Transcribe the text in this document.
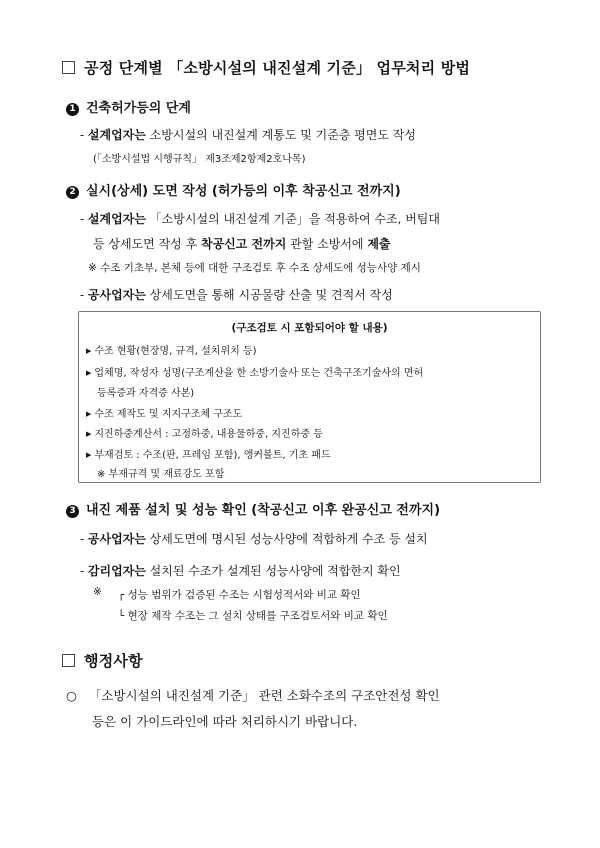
공정 단계별 「소방시설의 내진설계 기준」 업무처리 방법
1 건축허가등의 단계
- 설계업자는 소방시설의 내진설계 계통도 및 기준층 평면도 작성
(「소방시설법 시행규칙」 제3조제2항제2호나목)
2 실시(상세) 도면 작성 (허가등의 이후 착공신고 전까지)
- 설계업자는 「소방시설의 내진설계 기준」을 적용하여 수조, 버팀대
등 상세도면 작성 후 착공신고 전까지 관할 소방서에 제출
※ 수조 기초부, 본체 등에 대한 구조검토 후 수조 상세도에 성능사양 제시
- 공사업자는 상세도면을 통해 시공물량 산출 및 견적서 작성
(구조검토 시 포함되어야 할 내용)
▶ 수조 현황(현장명, 규격, 설치위치 등)
▶ 업체명, 작성자 성명(구조계산을 한 소방기술사 또는 건축구조기술사의 면허
등록증과 자격증 사본)
▶ 수조 제작도 및 지지구조체 구조도
▶ 지진하중계산서 : 고정하중, 내용물하중, 지진하중 등
▶ 부재검토 : 수조(판, 프레임 포함), 앵커볼트, 기초 패드
※ 부재규격 및 재료강도 포함
3 내진 제품 설치 및 성능 확인 (착공신고 이후 완공신고 전까지)
- 공사업자는 상세도면에 명시된 성능사양에 적합하게 수조 등 설치
- 감리업자는 설치된 수조가 설계된 성능사양에 적합한지 확인
※ ┌ 성능 범위가 검증된 수조는 시험성적서와 비교 확인
└ 현장 제작 수조는 그 설치 상태를 구조검토서와 비교 확인
행정사항
○ 「소방시설의 내진설계 기준」 관련 소화수조의 구조안전성 확인
등은 이 가이드라인에 따라 처리하시기 바랍니다.
